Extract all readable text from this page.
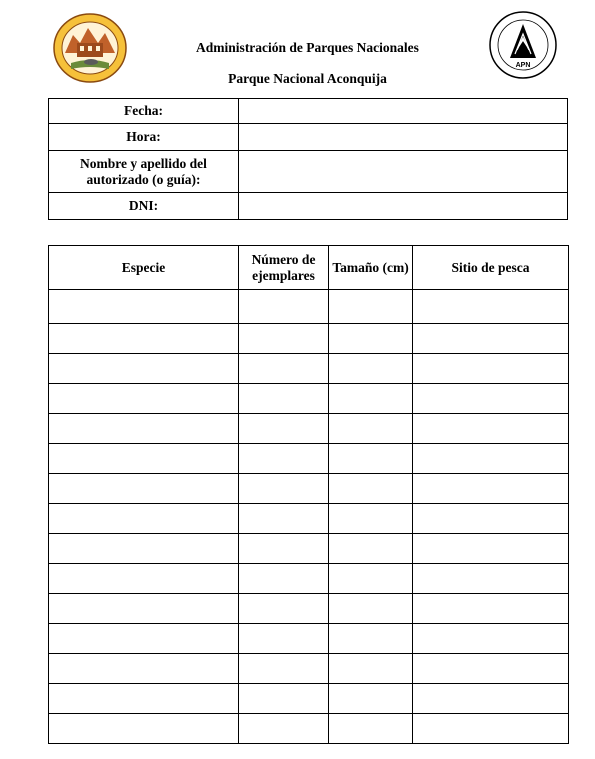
APN
Administración de Parques Nacionales
Parque Nacional Aconquija
Fecha:	
Hora:	
Nombre y apellido del autorizado (o guía):	
DNI:	
Especie	Número de ejemplares	Tamaño (cm)	Sitio de pesca
